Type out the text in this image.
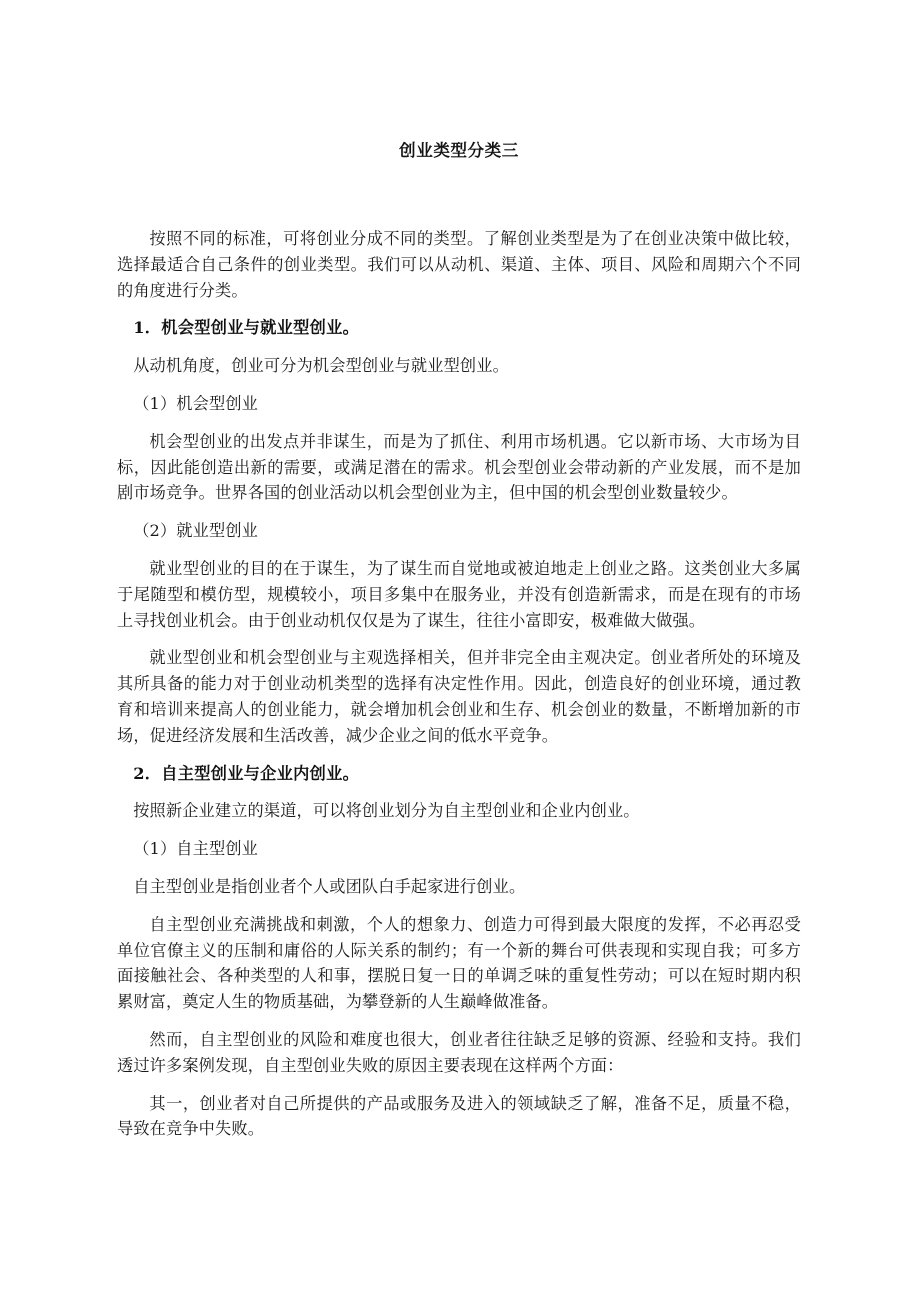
创业类型分类三

按照不同的标准，可将创业分成不同的类型。了解创业类型是为了在创业决策中做比较，选择最适合自己条件的创业类型。我们可以从动机、渠道、主体、项目、风险和周期六个不同的角度进行分类。

1．机会型创业与就业型创业。

从动机角度，创业可分为机会型创业与就业型创业。

（1）机会型创业

机会型创业的出发点并非谋生，而是为了抓住、利用市场机遇。它以新市场、大市场为目标，因此能创造出新的需要，或满足潜在的需求。机会型创业会带动新的产业发展，而不是加剧市场竞争。世界各国的创业活动以机会型创业为主，但中国的机会型创业数量较少。

（2）就业型创业

就业型创业的目的在于谋生，为了谋生而自觉地或被迫地走上创业之路。这类创业大多属于尾随型和模仿型，规模较小，项目多集中在服务业，并没有创造新需求，而是在现有的市场上寻找创业机会。由于创业动机仅仅是为了谋生，往往小富即安，极难做大做强。

就业型创业和机会型创业与主观选择相关，但并非完全由主观决定。创业者所处的环境及其所具备的能力对于创业动机类型的选择有决定性作用。因此，创造良好的创业环境，通过教育和培训来提高人的创业能力，就会增加机会创业和生存、机会创业的数量，不断增加新的市场，促进经济发展和生活改善，减少企业之间的低水平竞争。

2．自主型创业与企业内创业。

按照新企业建立的渠道，可以将创业划分为自主型创业和企业内创业。

（1）自主型创业

自主型创业是指创业者个人或团队白手起家进行创业。

自主型创业充满挑战和刺激，个人的想象力、创造力可得到最大限度的发挥，不必再忍受单位官僚主义的压制和庸俗的人际关系的制约；有一个新的舞台可供表现和实现自我；可多方面接触社会、各种类型的人和事，摆脱日复一日的单调乏味的重复性劳动；可以在短时期内积累财富，奠定人生的物质基础，为攀登新的人生巅峰做准备。

然而，自主型创业的风险和难度也很大，创业者往往缺乏足够的资源、经验和支持。我们透过许多案例发现，自主型创业失败的原因主要表现在这样两个方面：

其一，创业者对自己所提供的产品或服务及进入的领域缺乏了解，准备不足，质量不稳，导致在竞争中失败。
